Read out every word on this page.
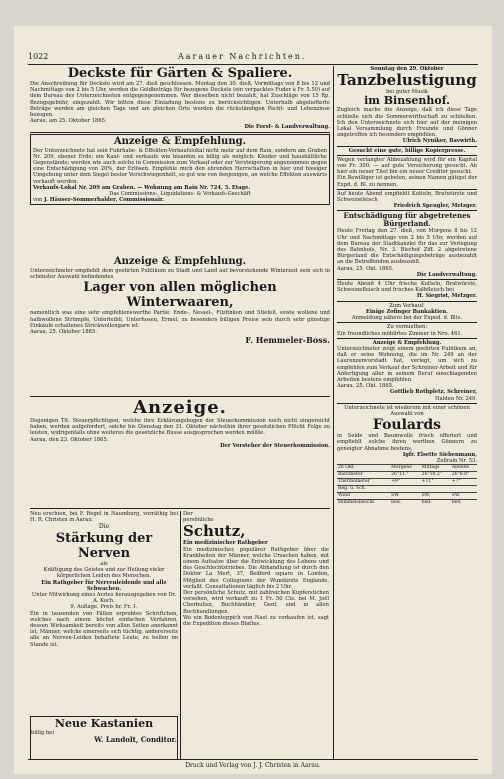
1022	Aarauer Nachrichten.

Deckste für Gärten & Spaliere.

Die Anschreibung für Deckste wird am 27. dieß geschlossen. Montag den 30. dieß, Vormittags von 8 bis 12 und Nachmittags von 2 bis 5 Uhr, werden die Geldbeträge für bezogene Deckste (ein verpacktes Fuder à Fr. 5.50) auf dem Bureau des Unterzeichneten entgegengenommen. Wer dieselben nicht bezahlt, hat Zuschläge von 15 Rp. Bezugsgebühr, eingezahlt. Wir bitten diese Einladung bestens zu berücksichtigen. Unterhalb abgeliefterte Beträge werden am gleichen Tage und am gleichen Orte werden die rückständigen Pacht- und Lehenzinse bezogen.

Aarau, am 25. Oktober 1865.

Die Forst- & Landverwaltung.

Anzeige & Empfehlung.

Der Unterzeichnete hat sein Fuhrhabe- & Effekten-Verkaufslokal nicht mehr auf dem Rain, sondern am Graben Nr. 209, ebener Erde; ein Kauf- und verkaufe wie bisanhin so billig als möglich: Kleider und haushältliche Gegenstände; werden wie auch solche in Commission zum Verkauf oder zur Versteigerung angenommen gegen eine Entschädigung von 20%, der Erlösen. Empfehle mich den ehrenden Herrschaften in hier und hiesiger Umgebung unter dem Siegel bester Verschwiegenheit, so gut wie von denjenigen, an welche Effekten auswärts verkauft werden.

Verkaufs-Lokal Nr. 209 am Graben. — Wohnung am Rain Nr. 724, 3. Etage.

Das Commissions-, Liquidations- & Verkaufs-Geschäft

von J. Häuser-Sommerhalder, Commissionair.

Anzeige & Empfehlung.

Unterzeichneter empfiehlt dem geehrten Publikum zu Stadt und Land auf bevorstehende Winterzeit sein sich in schönster Auswahl befindendes

Lager von allen möglichen Winterwaaren,

namentlich was eine sehr empfehlenswerthe Partie: Ende-, Nessel-, Filzfinken und Stiefeli, sowie wollene und halbwollene Strümpfe, Unterleibli, Unterhosen, Ermel, zu besonders billigen Preise sein durch sehr günstige Einkäufe erhaltenes Strickwollengarn ist.

Aarau, 25. Oktober 1865.

F. Hemmeler-Boss.

Anzeige.

Diejenigen Tit. Steuerpflichtigen, welche ihre Erklärungsbogen der Steuerkommission noch nicht eingereicht haben, werden aufgefordert, solche bis Dienstag den 31. Oktober nächsthin ihrer gesetzlichen Pflicht Folge zu leisten, widrigenfalls ohne weiteres die gesetzliche Busse ausgesprochen werden müßte.

Aarau, den 23. Oktober 1865.

Der Vorsteher der Steuerkommission.

Neu erschien, bei F. Regel in Naumburg, vorräthig bei H. R. Christen in Aarau:

Die

Stärkung der Nerven

als

Kräftigung des Geistes und zur Heilung vieler körperlichen Leiden des Menschen.

Ein Rathgeber für Nervenleidende und alle Schwachen.

Unter Mitwirkung eines Arztes herausgegeben von Dr. A. Koch.

9. Auflage. Preis br. Fr. 1.

Ein in tausenden von Fällen erprobtes Schriftchen, welches nach einem höchst einfachen Verfahren, dessen Wirksamkeit bereits von allen Seiten anerkannt ist, Männer, welche einerseits sich tüchtig, andererseits alle an Nerven-Leiden behaftete Leute, zu heilen im Stande ist.

Neue Kastanien

billig bei

W. Landolt, Conditor.

Der

persönliche

Schutz,

Ein medizinischer Rathgeber

Ein medizinischer, populärer Rathgeber über die Krankheiten der Männer, welche Ursachen haben, mit einem Aufsatze über die Entwicklung des Lebens und des Geschlechtstriebes. Die Abhandlung ist durch den Doktor La Mert, 37, Bedford square in London, Mitglied des Collegiums der Wundärzte Englands, verfaßt. Consultationen täglich bis 2 Uhr.

Der persönliche Schutz, mit zahlreichen Kupferstichen versehen, wird verkauft zu 1 Fr. 50 Cts. bei M. Joël Cherbuliez, Buchhändler, Genf, und in allen Buchhandlungen.

Wo ein Bodenteppich von Nast zu verkaufen ist, sagt die Expedition dieses Blattes.

Sonntag den 29. Oktober

Tanzbelustigung

bei guter Musik

im Binsenhof.

Zugleich mache die Anzeige, daß ich diese Tage schließe sich die Sommerwirthschaft zu schließen. Ich den Unterzeichnete sich hier auf der meinigen Lokal Versammlung durch Freunde und Gönner angetroffen ich besonders empfehlen.

Ulrich Nyniker, Bavwirth.

Gesucht eine gute, billige Kopierpresse.

Wegen verlangter Abbezahlung wird für ein Kapital von Fr. 300. — auf gute Versicherung gesucht. Ab hier ein neuer Titel bin ein neuer Creditor gesucht.

Ein Bewilliger ist gebeten, seinen Namen gütigst der Expd. d. Bl. zu nennen.

Auf heute Abend empfiehlt Kutteln, Bratwürste und Schweineleisch

Friedrich Spengler, Metzger.

Entschädigung für abgetretenes Bürgerland.

Heute Freitag den 27. dieß, von Morgens 8 bis 12 Uhr und Nachmittags von 2 bis 5 Uhr, werden auf dem Bureau der Stadtkanzlei für das zur Verlegung des Bahnhofs, Nr. 3. Bischof Ziff. 2 abgetretene Bürgerland die Entschädigungsbeträge ausbezahlt an die Betreffenden ausbezahlt.

Aarau, 25. Okt. 1865.

Die Landverwaltung.

Heute Abend 4 Uhr frische Kutteln, Bratwürste, Schweinefleisch und frisches Kalbfleisch bei

H. Siegrist, Metzger.

Zum Verkauf:

Einige Zofinger Bankaktien.

Anmeldung nähere bei der Exped. d. Blts.

Zu vermiethen:

Ein freundliches möblirtes Zimmer in Nro. 461.

Anzeige & Empfehlung.

Unterzeichneter zeigt einem geehrten Publikum an, daß er seine Wohnung, die im Nr. 249 an der Laurenzenvorstadt hat, verlegt, um sich zu empfehlen zum Verkauf der Schreiner-Arbeit und für Anfertigung aller in seinem Beruf einschlagenden Arbeiten bestens empfohlen.

Aarau, 25. Okt. 1865.

Gottlieb Rothpletz, Schreiner,

Halden Nr. 249.

Unterzeichnete ist wiederum mit einer schönen Auswahl von

Foulards

in Seide und Baumwolle frisch offeriert und empfiehlt solche ihren werthen Gönnern zu geneigter Abnahme bestens.

Igfr. Elsette Siebenmann,

Zollrain Nr. 53.

26 Okt.	Morgens	Mittags	Abends
Barometer	26"11."	26"10.2"	26"8.8"
Thermometer	+9°	+11°	+7°
Reg. u. Sch.			
Wind	SW.	SW.	SW.
Himmelsbeschf.	bed.	bed.	bed.
Druck und Verlag von J. J. Christen in Aarau.
